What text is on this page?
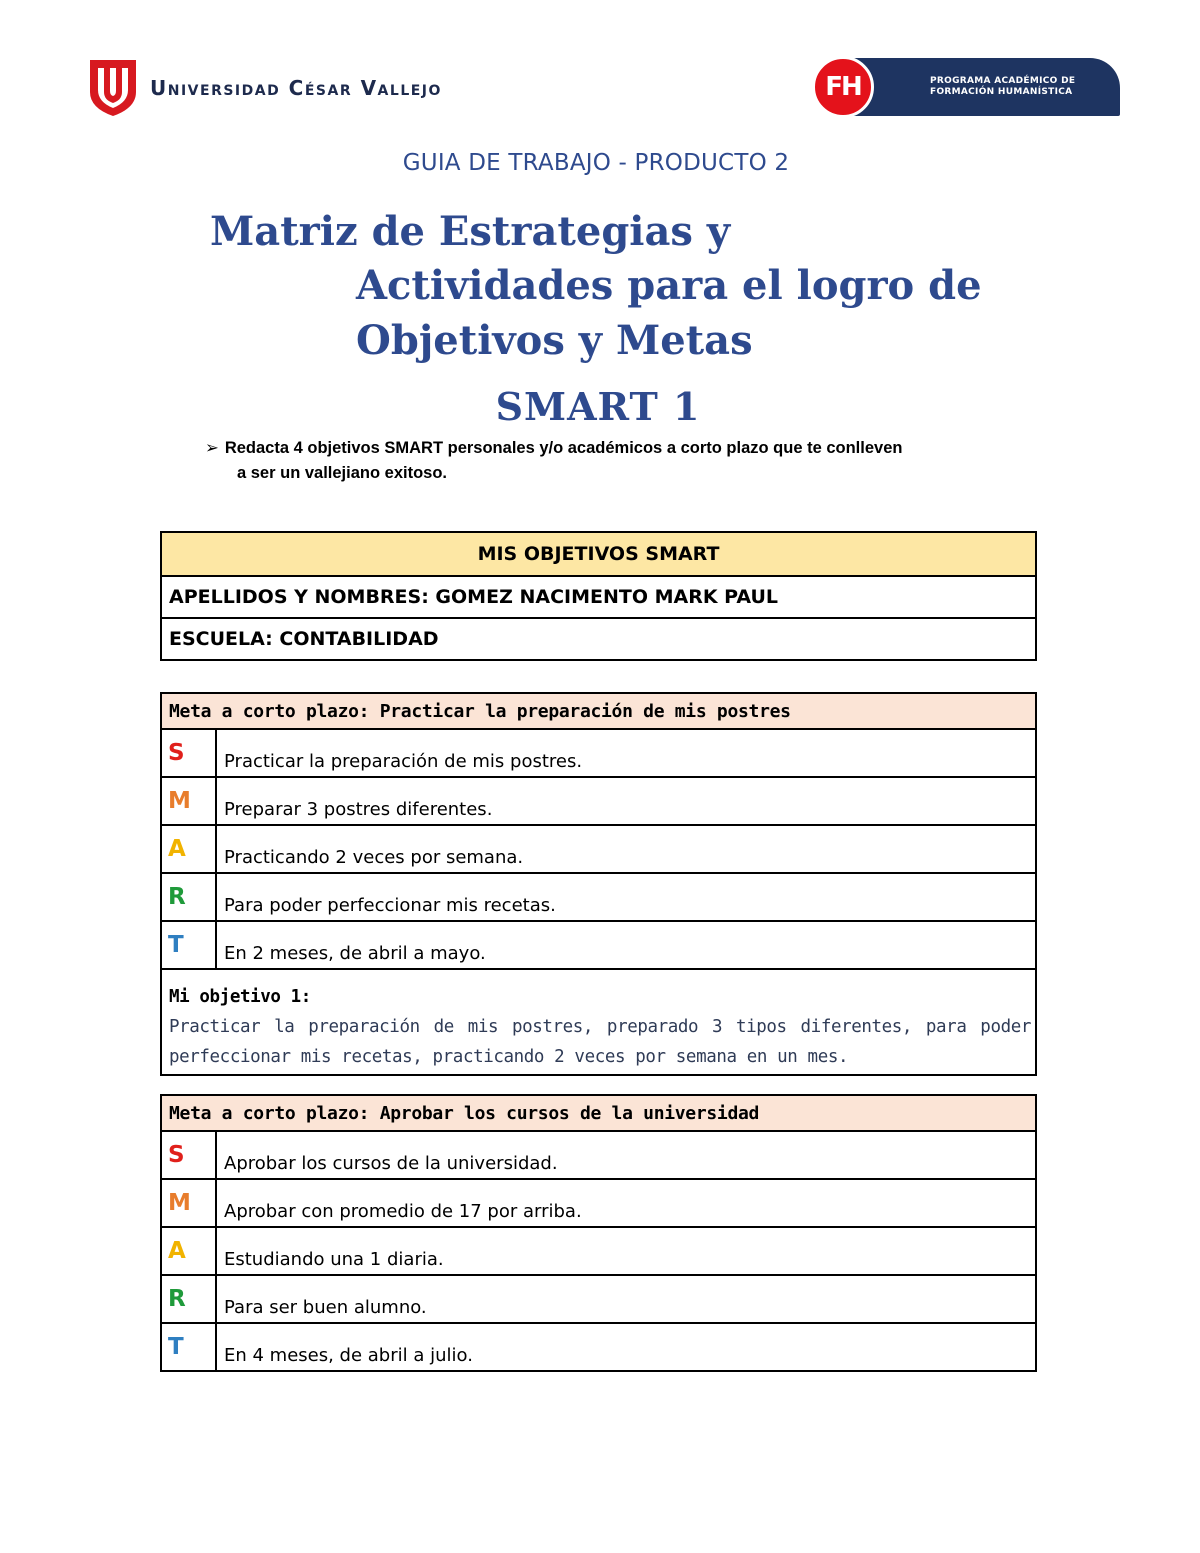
Universidad César Vallejo	FH	PROGRAMA ACADÉMICO DE
FORMACIÓN HUMANÍSTICA
GUIA DE TRABAJO - PRODUCTO 2
Matriz de Estrategias y
Actividades para el logro de
Objetivos y Metas
SMART 1
➢ Redacta 4 objetivos SMART personales y/o académicos a corto plazo que te conlleven
a ser un vallejiano exitoso.
MIS OBJETIVOS SMART
APELLIDOS Y NOMBRES: GOMEZ NACIMENTO MARK PAUL
ESCUELA: CONTABILIDAD
Meta a corto plazo: Practicar la preparación de mis postres	
S	Practicar la preparación de mis postres.
M	Preparar 3 postres diferentes.
A	Practicando 2 veces por semana.
R	Para poder perfeccionar mis recetas.
T	En 2 meses, de abril a mayo.

Mi objetivo 1:
Practicar la preparación de mis postres, preparado 3 tipos diferentes, para poder perfeccionar mis recetas, practicando 2 veces por semana en un mes.	
Meta a corto plazo: Aprobar los cursos de la universidad	
S	Aprobar los cursos de la universidad.
M	Aprobar con promedio de 17 por arriba.
A	Estudiando una 1 diaria.
R	Para ser buen alumno.
T	En 4 meses, de abril a julio.
